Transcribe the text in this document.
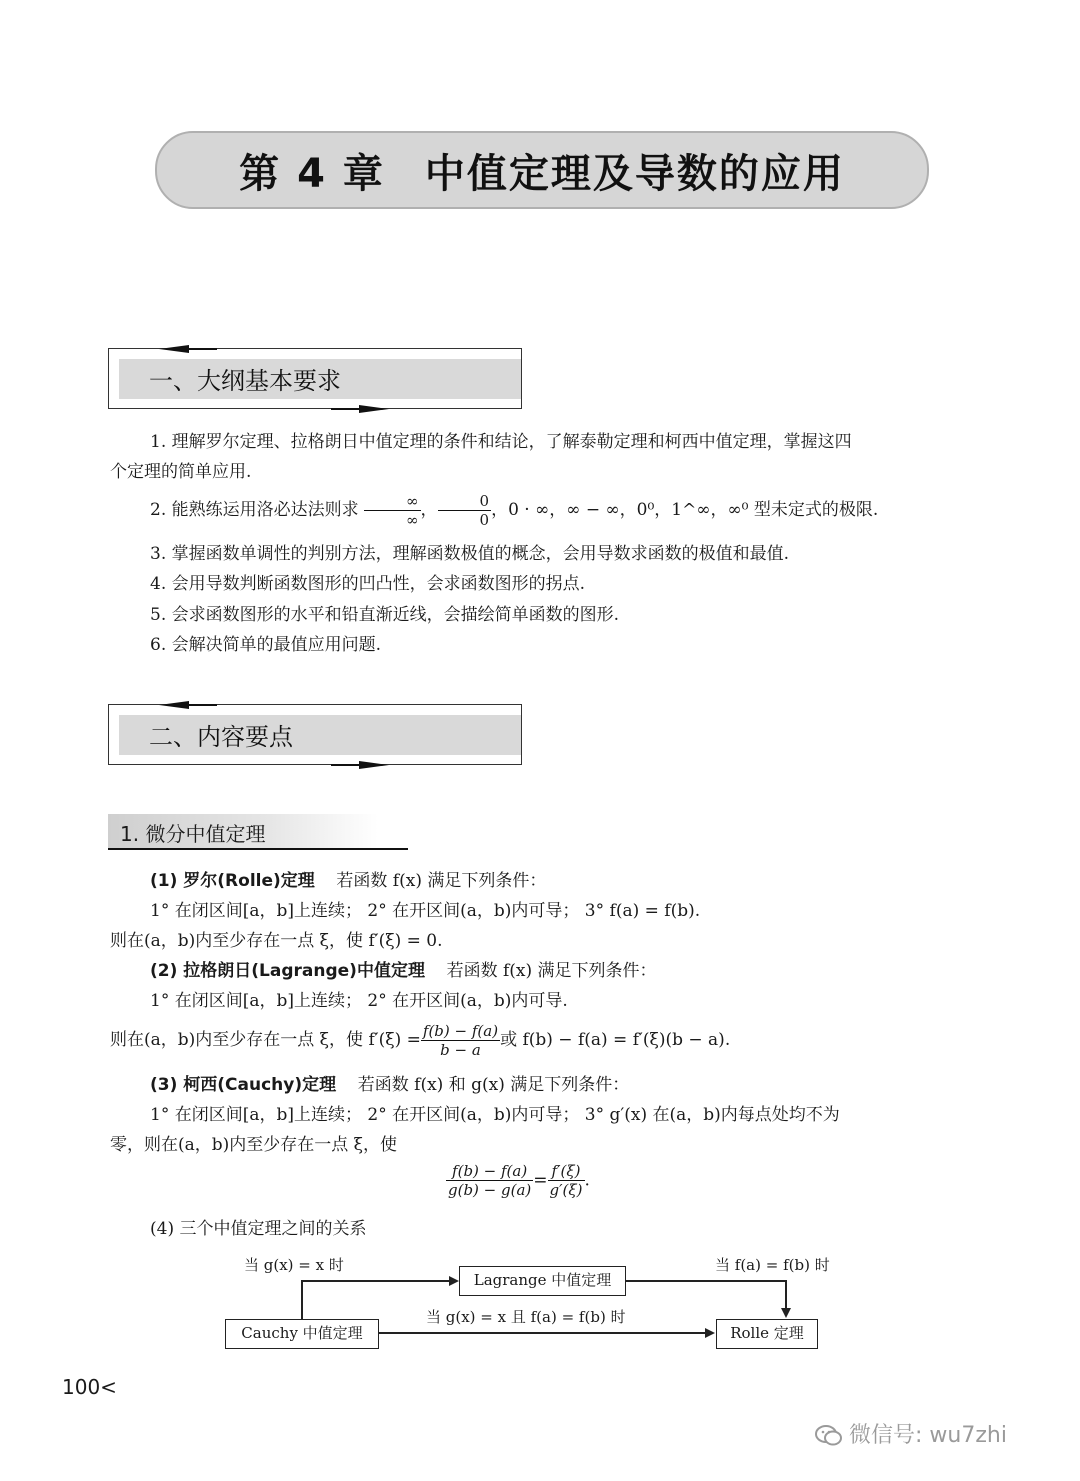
第 4 章 中值定理及导数的应用
一、大纲基本要求
1. 理解罗尔定理、拉格朗日中值定理的条件和结论，了解泰勒定理和柯西中值定理，掌握这四
个定理的简单应用.
2. 能熟练运用洛必达法则求 $\frac{\infty}{\infty}$ ， $\frac{0}{0}$ ，0 · ∞，∞ − ∞，0⁰，1^∞，∞⁰ 型未定式的极限.
3. 掌握函数单调性的判别方法，理解函数极值的概念，会用导数求函数的极值和最值.
4. 会用导数判断函数图形的凹凸性，会求函数图形的拐点.
5. 会求函数图形的水平和铅直渐近线，会描绘简单函数的图形.
6. 会解决简单的最值应用问题.
二、内容要点
1. 微分中值定理
(1) 罗尔(Rolle)定理 若函数 f(x) 满足下列条件：
1° 在闭区间[a，b]上连续； 2° 在开区间(a，b)内可导； 3° f(a) = f(b).
则在(a，b)内至少存在一点 ξ，使 f′(ξ) = 0.
(2) 拉格朗日(Lagrange)中值定理 若函数 f(x) 满足下列条件：
1° 在闭区间[a，b]上连续； 2° 在开区间(a，b)内可导.
则在(a，b)内至少存在一点 ξ，使 $f'(\xi) = \frac{f(b) - f(a)}{b - a}$ 或 f(b) − f(a) = f′(ξ)(b − a).
(3) 柯西(Cauchy)定理 若函数 f(x) 和 g(x) 满足下列条件：
1° 在闭区间[a，b]上连续； 2° 在开区间(a，b)内可导； 3° g′(x) 在(a，b)内每点处均不为
零，则在(a，b)内至少存在一点 ξ，使
$\frac{f(b) - f(a)}{g(b) - g(a)} = \frac{f'(\xi)}{g'(\xi)}$ .
(4) 三个中值定理之间的关系
当 g(x) = x 时	当 f(a) = f(b) 时
当 g(x) = x 且 f(a) = f(b) 时
Lagrange 中值定理
Cauchy 中值定理	Rolle 定理
100<
微信号: wu7zhi
